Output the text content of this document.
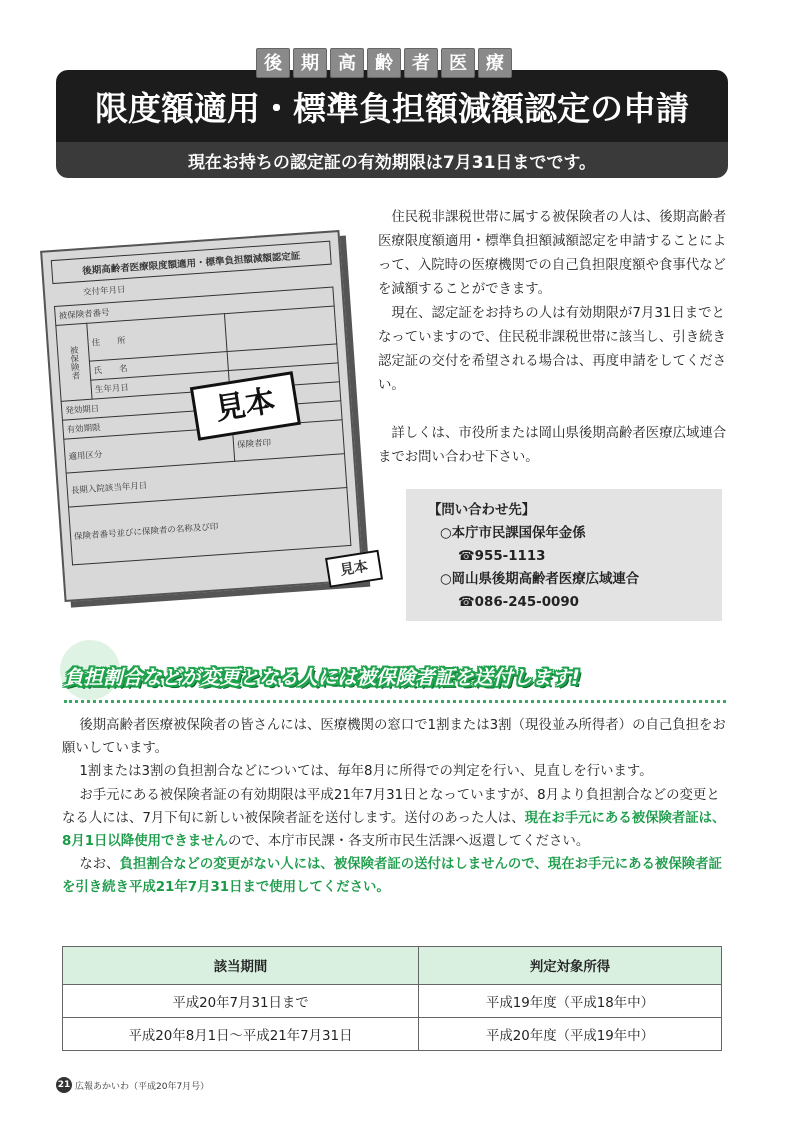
後	期	高	齢	者	医	療
限度額適用・標準負担額減額認定の申請

現在お持ちの認定証の有効期限は7月31日までです。

後期高齢者医療限度額適用・標準負担額減額認定証
交付年月日
被保険者番号		
被保険者	住　　所	
	氏　　名	
	生年月日	
発効期日		
有効期限		
適用区分		保険者印
長期入院該当年月日		
保険者番号並びに保険者の名称及び印		
見本
見本

住民税非課税世帯に属する被保険者の人は、後期高齢者医療限度額適用・標準負担額減額認定を申請することによって、入院時の医療機関での自己負担限度額や食事代などを減額することができます。

現在、認定証をお持ちの人は有効期限が7月31日までとなっていますので、住民税非課税世帯に該当し、引き続き認定証の交付を希望される場合は、再度申請をしてください。

詳しくは、市役所または岡山県後期高齢者医療広域連合までお問い合わせ下さい。

【問い合わせ先】
○本庁市民課国保年金係
☎955-1113
○岡山県後期高齢者医療広域連合
☎086-245-0090
負担割合などが変更となる人には被保険者証を送付します!

後期高齢者医療被保険者の皆さんには、医療機関の窓口で1割または3割（現役並み所得者）の自己負担をお願いしています。

1割または3割の負担割合などについては、毎年8月に所得での判定を行い、見直しを行います。

お手元にある被保険者証の有効期限は平成21年7月31日となっていますが、8月より負担割合などの変更となる人には、7月下旬に新しい被保険者証を送付します。送付のあった人は、現在お手元にある被保険者証は、8月1日以降使用できませんので、本庁市民課・各支所市民生活課へ返還してください。

なお、負担割合などの変更がない人には、被保険者証の送付はしませんので、現在お手元にある被保険者証を引き続き平成21年7月31日まで使用してください。

該当期間	判定対象所得
平成20年7月31日まで	平成19年度（平成18年中）
平成20年8月1日〜平成21年7月31日	平成20年度（平成19年中）
21 広報あかいわ（平成20年7月号）
